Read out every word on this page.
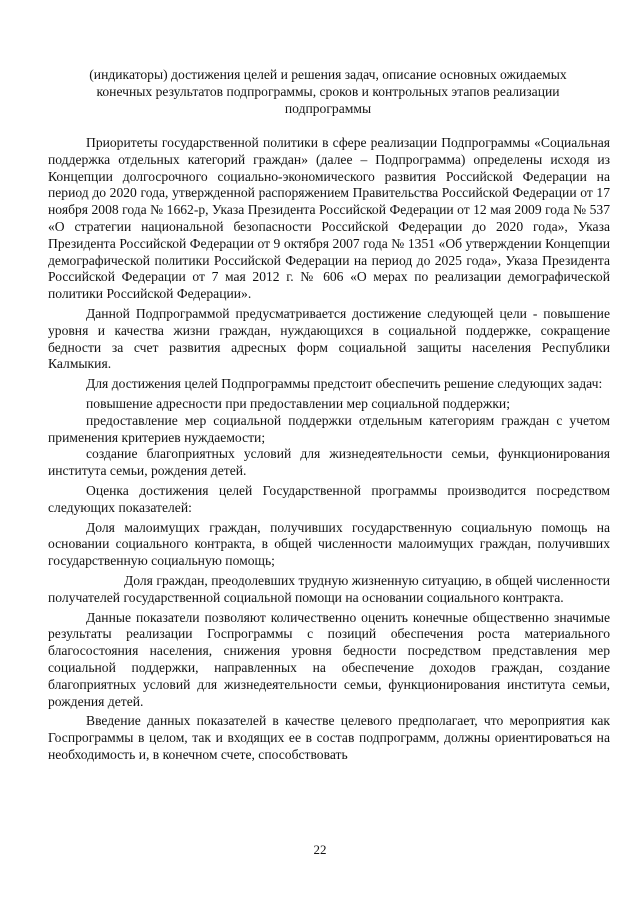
(индикаторы) достижения целей и решения задач, описание основных ожидаемых
конечных результатов подпрограммы, сроков и контрольных этапов реализации
подпрограммы

Приоритеты государственной политики в сфере реализации Подпрограммы «Социальная поддержка отдельных категорий граждан» (далее – Подпрограмма) определены исходя из Концепции долгосрочного социально-экономического развития Российской Федерации на период до 2020 года, утвержденной распоряжением Правительства Российской Федерации от 17 ноября 2008 года № 1662-р, Указа Президента Российской Федерации от 12 мая 2009 года № 537 «О стратегии национальной безопасности Российской Федерации до 2020 года», Указа Президента Российской Федерации от 9 октября 2007 года № 1351 «Об утверждении Концепции демографической политики Российской Федерации на период до 2025 года», Указа Президента Российской Федерации от 7 мая 2012 г. № 606 «О мерах по реализации демографической политики Российской Федерации».

Данной Подпрограммой предусматривается достижение следующей цели - повышение уровня и качества жизни граждан, нуждающихся в социальной поддержке, сокращение бедности за счет развития адресных форм социальной защиты населения Республики Калмыкия.

Для достижения целей Подпрограммы предстоит обеспечить решение следующих задач:

повышение адресности при предоставлении мер социальной поддержки;

предоставление мер социальной поддержки отдельным категориям граждан с учетом применения критериев нуждаемости;

создание благоприятных условий для жизнедеятельности семьи, функционирования института семьи, рождения детей.

Оценка достижения целей Государственной программы производится посредством следующих показателей:

Доля малоимущих граждан, получивших государственную социальную помощь на основании социального контракта, в общей численности малоимущих граждан, получивших государственную социальную помощь;

Доля граждан, преодолевших трудную жизненную ситуацию, в общей численности получателей государственной социальной помощи на основании социального контракта.

Данные показатели позволяют количественно оценить конечные общественно значимые результаты реализации Госпрограммы с позиций обеспечения роста материального благосостояния населения, снижения уровня бедности посредством представления мер социальной поддержки, направленных на обеспечение доходов граждан, создание благоприятных условий для жизнедеятельности семьи, функционирования института семьи, рождения детей.

Введение данных показателей в качестве целевого предполагает, что мероприятия как Госпрограммы в целом, так и входящих ее в состав подпрограмм, должны ориентироваться на необходимость и, в конечном счете, способствовать

22
